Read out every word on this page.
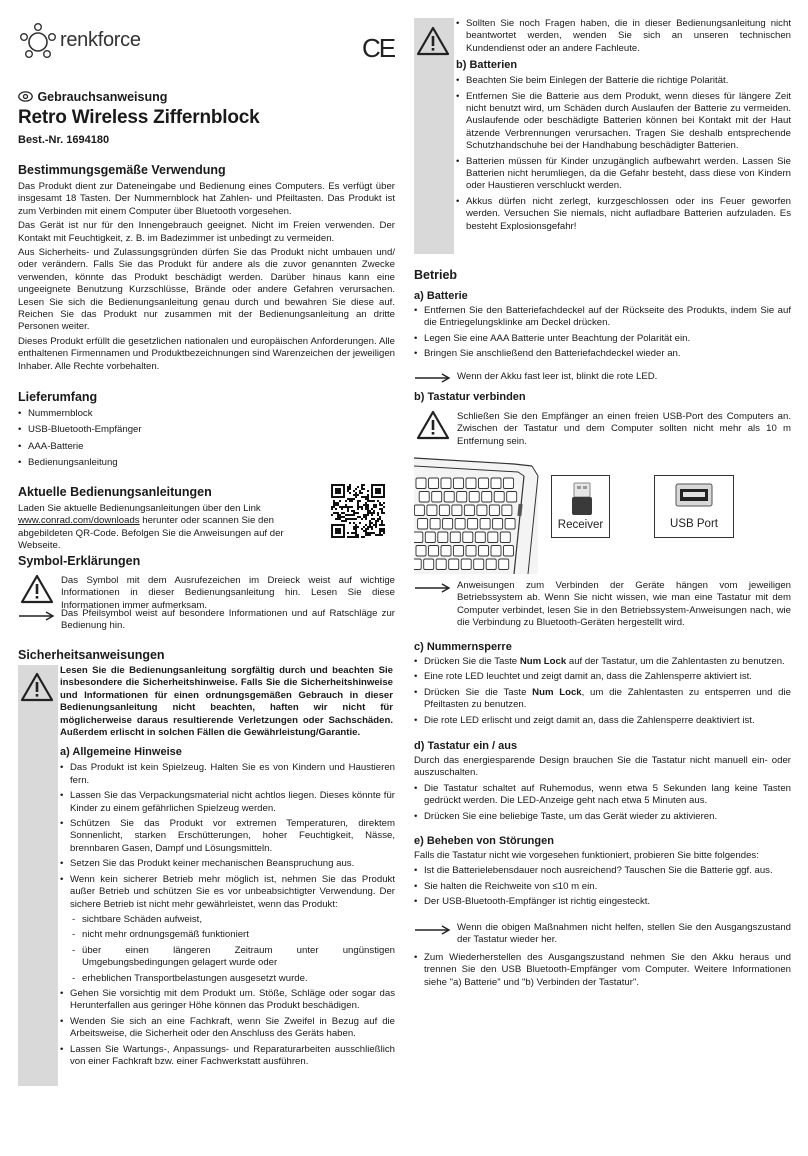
renkforce
Gebrauchsanweisung
Retro Wireless Ziffernblock
Best.-Nr. 1694180
Bestimmungsgemäße Verwendung

Das Produkt dient zur Dateneingabe und Bedienung eines Computers. Es verfügt über insgesamt 18 Tasten. Der Nummernblock hat Zahlen- und Pfeiltasten. Das Produkt ist zum Verbinden mit einem Computer über Bluetooth vorgesehen.

Das Gerät ist nur für den Innengebrauch geeignet. Nicht im Freien verwenden. Der Kontakt mit Feuchtigkeit, z. B. im Badezimmer ist unbedingt zu vermeiden.

Aus Sicherheits- und Zulassungsgründen dürfen Sie das Produkt nicht umbauen und/ oder verändern. Falls Sie das Produkt für andere als die zuvor genannten Zwecke verwenden, könnte das Produkt beschädigt werden. Darüber hinaus kann eine ungeeignete Benutzung Kurzschlüsse, Brände oder andere Gefahren verursachen. Lesen Sie sich die Bedienungsanleitung genau durch und bewahren Sie diese auf. Reichen Sie das Produkt nur zusammen mit der Bedienungsanleitung an dritte Personen weiter.

Dieses Produkt erfüllt die gesetzlichen nationalen und europäischen Anforderungen. Alle enthaltenen Firmennamen und Produktbezeichnungen sind Warenzeichen der jeweiligen Inhaber. Alle Rechte vorbehalten.

Lieferumfang
• Nummernblock
• USB-Bluetooth-Empfänger
• AAA-Batterie
• Bedienungsanleitung
Aktuelle Bedienungsanleitungen

Laden Sie aktuelle Bedienungsanleitungen über den Link www.conrad.com/downloads herunter oder scannen Sie den abgebildeten QR-Code. Befolgen Sie die Anweisungen auf der Webseite.

Symbol-Erklärungen

Das Symbol mit dem Ausrufezeichen im Dreieck weist auf wichtige Informationen in dieser Bedienungsanleitung hin. Lesen Sie diese Informationen immer aufmerksam.

Das Pfeilsymbol weist auf besondere Informationen und auf Ratschläge zur Bedienung hin.

Sicherheitsanweisungen

Lesen Sie die Bedienungsanleitung sorgfältig durch und beachten Sie insbesondere die Sicherheitshinweise. Falls Sie die Sicherheitshinweise und Informationen für einen ordnungsgemäßen Gebrauch in dieser Bedienungsanleitung nicht beachten, haften wir nicht für möglicherweise daraus resultierende Verletzungen oder Sachschäden. Außerdem erlischt in solchen Fällen die Gewährleistung/Garantie.

a) Allgemeine Hinweise
• Das Produkt ist kein Spielzeug. Halten Sie es von Kindern und Haustieren fern.
• Lassen Sie das Verpackungsmaterial nicht achtlos liegen. Dieses könnte für Kinder zu einem gefährlichen Spielzeug werden.
• Schützen Sie das Produkt vor extremen Temperaturen, direktem Sonnenlicht, starken Erschütterungen, hoher Feuchtigkeit, Nässe, brennbaren Gasen, Dampf und Lösungsmitteln.
• Setzen Sie das Produkt keiner mechanischen Beanspruchung aus.
• Wenn kein sicherer Betrieb mehr möglich ist, nehmen Sie das Produkt außer Betrieb und schützen Sie es vor unbeabsichtigter Verwendung. Der sichere Betrieb ist nicht mehr gewährleistet, wenn das Produkt:
- sichtbare Schäden aufweist,
- nicht mehr ordnungsgemäß funktioniert
- über einen längeren Zeitraum unter ungünstigen Umgebungsbedingungen gelagert wurde oder
- erheblichen Transportbelastungen ausgesetzt wurde.
• Gehen Sie vorsichtig mit dem Produkt um. Stöße, Schläge oder sogar das Herunterfallen aus geringer Höhe können das Produkt beschädigen.
• Wenden Sie sich an eine Fachkraft, wenn Sie Zweifel in Bezug auf die Arbeitsweise, die Sicherheit oder den Anschluss des Geräts haben.
• Lassen Sie Wartungs-, Anpassungs- und Reparaturarbeiten ausschließlich von einer Fachkraft bzw. einer Fachwerkstatt ausführen.
CE
• Sollten Sie noch Fragen haben, die in dieser Bedienungsanleitung nicht beantwortet werden, wenden Sie sich an unseren technischen Kundendienst oder an andere Fachleute.
b) Batterien
• Beachten Sie beim Einlegen der Batterie die richtige Polarität.
• Entfernen Sie die Batterie aus dem Produkt, wenn dieses für längere Zeit nicht benutzt wird, um Schäden durch Auslaufen der Batterie zu vermeiden. Auslaufende oder beschädigte Batterien können bei Kontakt mit der Haut ätzende Verbrennungen verursachen. Tragen Sie deshalb entsprechende Schutzhandschuhe bei der Handhabung beschädigter Batterien.
• Batterien müssen für Kinder unzugänglich aufbewahrt werden. Lassen Sie Batterien nicht herumliegen, da die Gefahr besteht, dass diese von Kindern oder Haustieren verschluckt werden.
• Akkus dürfen nicht zerlegt, kurzgeschlossen oder ins Feuer geworfen werden. Versuchen Sie niemals, nicht aufladbare Batterien aufzuladen. Es besteht Explosionsgefahr!
Betrieb
a) Batterie
• Entfernen Sie den Batteriefachdeckel auf der Rückseite des Produkts, indem Sie auf die Entriegelungsklinke am Deckel drücken.
• Legen Sie eine AAA Batterie unter Beachtung der Polarität ein.
• Bringen Sie anschließend den Batteriefachdeckel wieder an.

Wenn der Akku fast leer ist, blinkt die rote LED.

b) Tastatur verbinden

Schließen Sie den Empfänger an einen freien USB-Port des Computers an. Zwischen der Tastatur und dem Computer sollten nicht mehr als 10 m Entfernung sein.

Receiver	USB Port

Anweisungen zum Verbinden der Geräte hängen vom jeweiligen Betriebssystem ab. Wenn Sie nicht wissen, wie man eine Tastatur mit dem Computer verbindet, lesen Sie in den Betriebssystem-Anweisungen nach, wie die Verbindung zu Bluetooth-Geräten hergestellt wird.

c) Nummernsperre
• Drücken Sie die Taste Num Lock auf der Tastatur, um die Zahlentasten zu benutzen.
• Eine rote LED leuchtet und zeigt damit an, dass die Zahlensperre aktiviert ist.
• Drücken Sie die Taste Num Lock, um die Zahlentasten zu entsperren und die Pfeiltasten zu benutzen.
• Die rote LED erlischt und zeigt damit an, dass die Zahlensperre deaktiviert ist.
d) Tastatur ein / aus

Durch das energiesparende Design brauchen Sie die Tastatur nicht manuell ein- oder auszuschalten.

• Die Tastatur schaltet auf Ruhemodus, wenn etwa 5 Sekunden lang keine Tasten gedrückt werden. Die LED-Anzeige geht nach etwa 5 Minuten aus.
• Drücken Sie eine beliebige Taste, um das Gerät wieder zu aktivieren.
e) Beheben von Störungen

Falls die Tastatur nicht wie vorgesehen funktioniert, probieren Sie bitte folgendes:

• Ist die Batterielebensdauer noch ausreichend? Tauschen Sie die Batterie ggf. aus.
• Sie halten die Reichweite von ≤10 m ein.
• Der USB-Bluetooth-Empfänger ist richtig eingesteckt.

Wenn die obigen Maßnahmen nicht helfen, stellen Sie den Ausgangszustand der Tastatur wieder her.

• Zum Wiederherstellen des Ausgangszustand nehmen Sie den Akku heraus und trennen Sie den USB Bluetooth-Empfänger vom Computer. Weitere Informationen siehe "a) Batterie" und "b) Verbinden der Tastatur".
